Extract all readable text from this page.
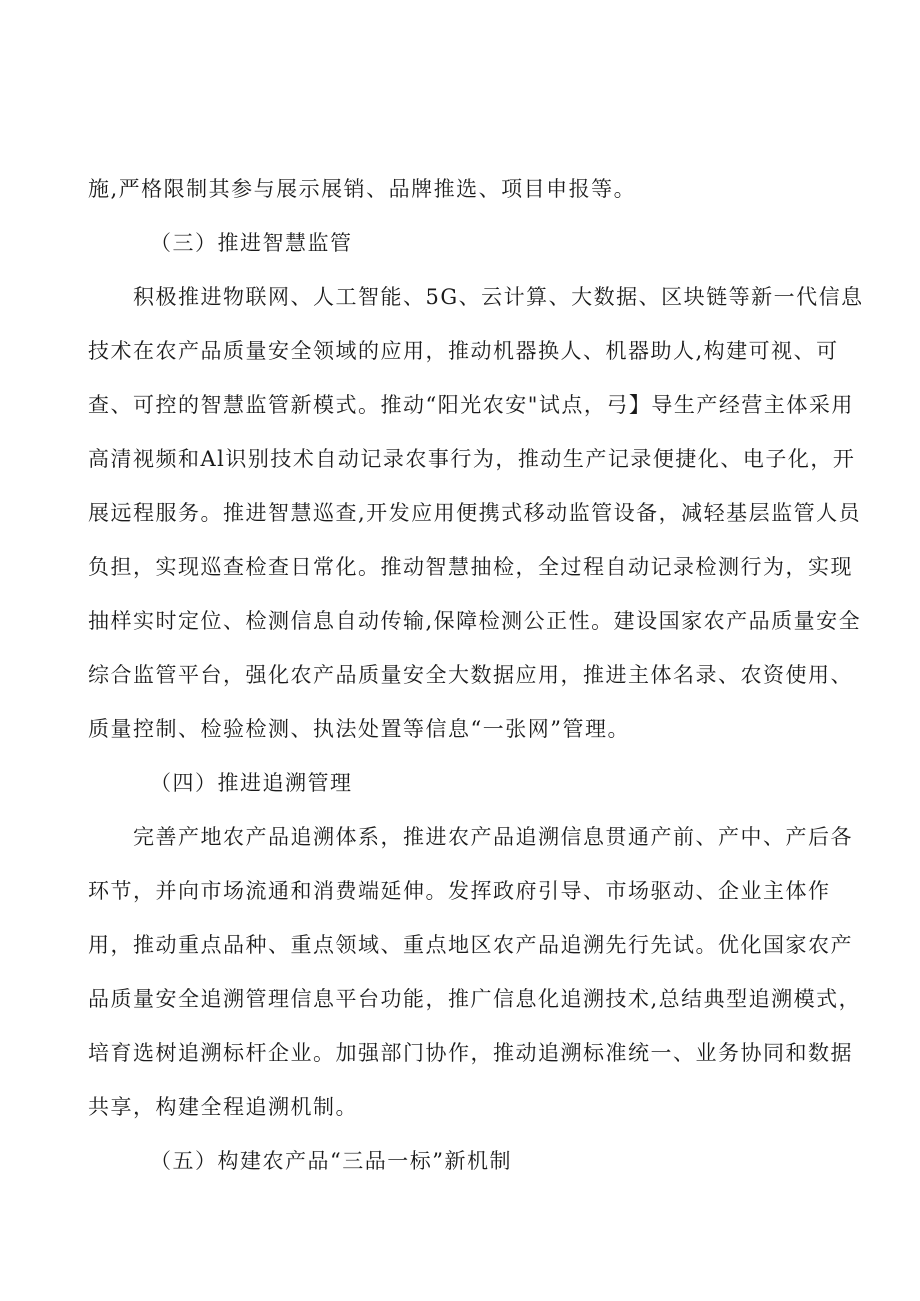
施,严格限制其参与展示展销、品牌推选、项目申报等。
（三）推进智慧监管
积极推进物联网、人工智能、5G、云计算、大数据、区块链等新一代信息
技术在农产品质量安全领域的应用，推动机器换人、机器助人,构建可视、可
查、可控的智慧监管新模式。推动“阳光农安"试点，弓】导生产经营主体采用
高清视频和Al识别技术自动记录农事行为，推动生产记录便捷化、电子化，开
展远程服务。推进智慧巡查,开发应用便携式移动监管设备，减轻基层监管人员
负担，实现巡查检查日常化。推动智慧抽检，全过程自动记录检测行为，实现
抽样实时定位、检测信息自动传输,保障检测公正性。建设国家农产品质量安全
综合监管平台，强化农产品质量安全大数据应用，推进主体名录、农资使用、
质量控制、检验检测、执法处置等信息“一张网”管理。
（四）推进追溯管理
完善产地农产品追溯体系，推进农产品追溯信息贯通产前、产中、产后各
环节，并向市场流通和消费端延伸。发挥政府引导、市场驱动、企业主体作
用，推动重点品种、重点领域、重点地区农产品追溯先行先试。优化国家农产
品质量安全追溯管理信息平台功能，推广信息化追溯技术,总结典型追溯模式，
培育选树追溯标杆企业。加强部门协作，推动追溯标准统一、业务协同和数据
共享，构建全程追溯机制。
（五）构建农产品“三品一标”新机制
